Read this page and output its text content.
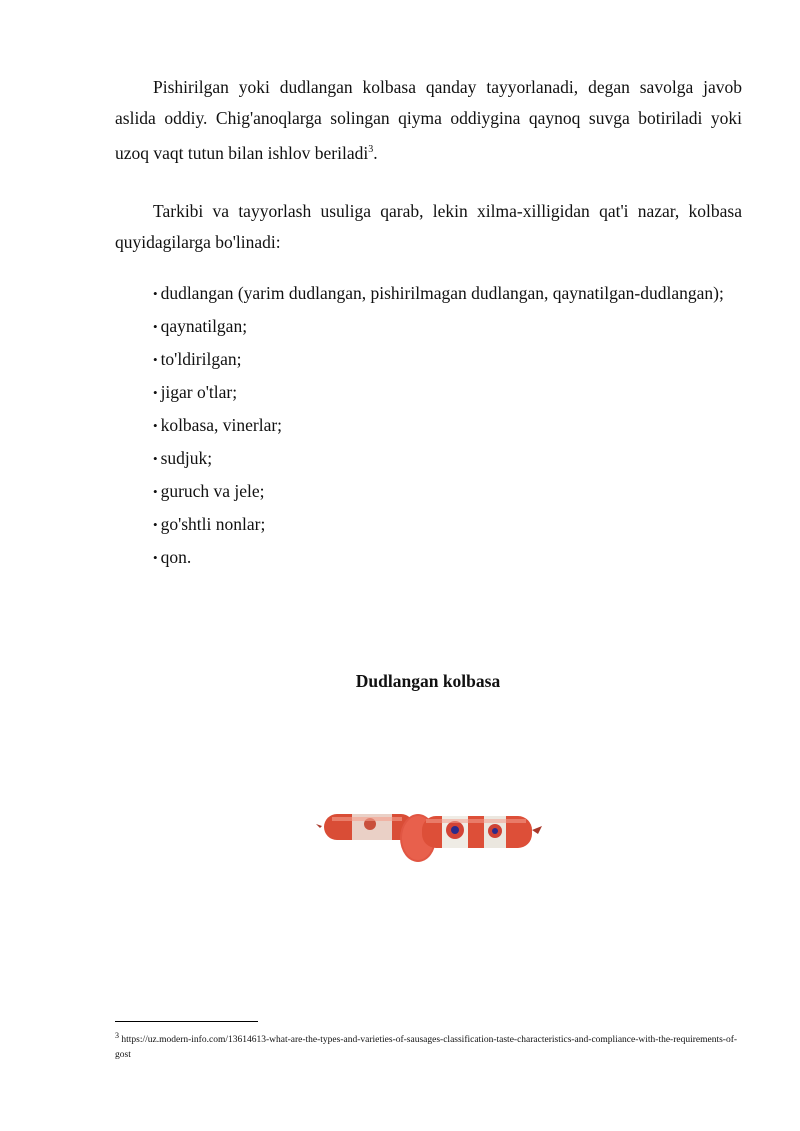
Pishirilgan yoki dudlangan kolbasa qanday tayyorlanadi, degan savolga javob aslida oddiy. Chig'anoqlarga solingan qiyma oddiygina qaynoq suvga botiriladi yoki uzoq vaqt tutun bilan ishlov beriladi$^3$.

Tarkibi va tayyorlash usuliga qarab, lekin xilma-xilligidan qat'i nazar, kolbasa quyidagilarga bo'linadi:

• dudlangan (yarim dudlangan, pishirilmagan dudlangan, qaynatilgan-dudlangan);
• qaynatilgan;
• to'ldirilgan;
• jigar o'tlar;
• kolbasa, vinerlar;
• sudjuk;
• guruch va jele;
• go'shtli nonlar;
• qon.
Dudlangan kolbasa
$^3$ https://uz.modern-info.com/13614613-what-are-the-types-and-varieties-of-sausages-classification-taste-characteristics-and-compliance-with-the-requirements-of-gost
